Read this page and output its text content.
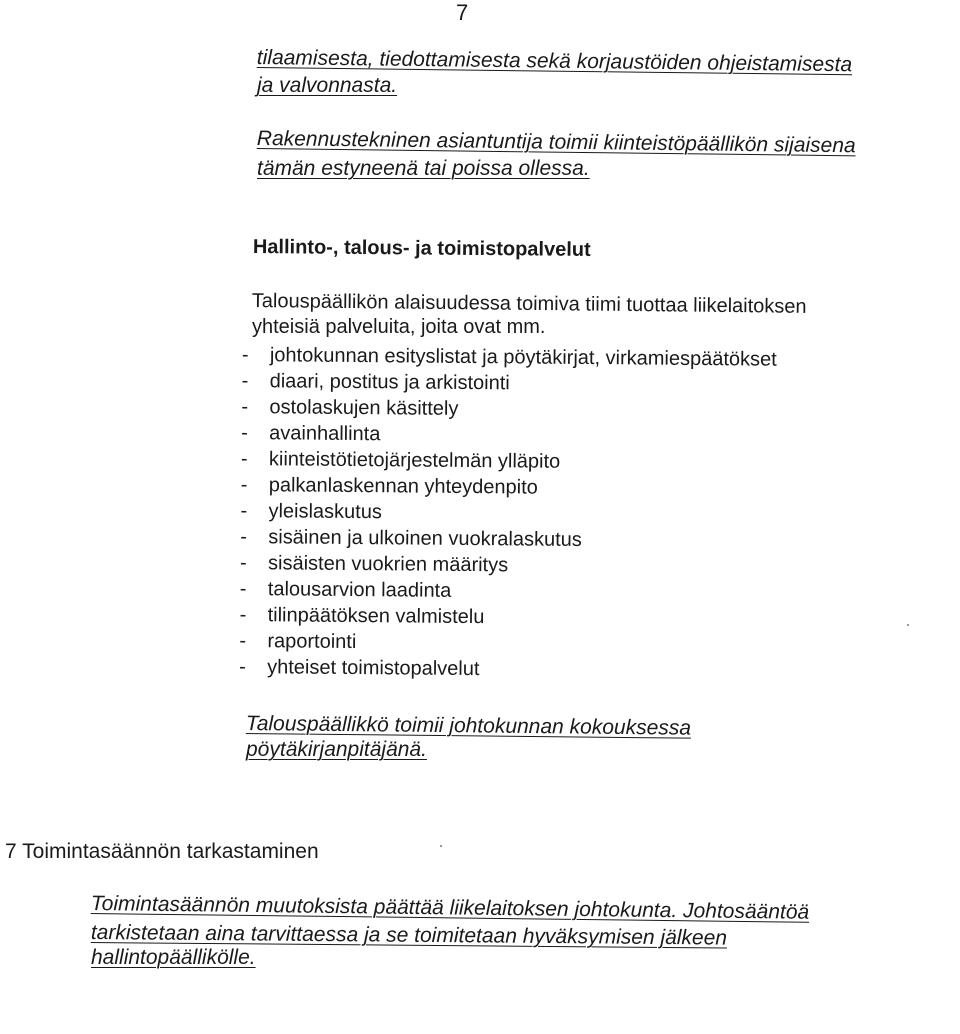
7
tilaamisesta, tiedottamisesta sekä korjaustöiden ohjeistamisesta
ja valvonnasta.
Rakennustekninen asiantuntija toimii kiinteistöpäällikön sijaisena
tämän estyneenä tai poissa ollessa.
Hallinto-, talous- ja toimistopalvelut
Talouspäällikön alaisuudessa toimiva tiimi tuottaa liikelaitoksen
yhteisiä palveluita, joita ovat mm.
- johtokunnan esityslistat ja pöytäkirjat, virkamiespäätökset
- diaari, postitus ja arkistointi
- ostolaskujen käsittely
- avainhallinta
- kiinteistötietojärjestelmän ylläpito
- palkanlaskennan yhteydenpito
- yleislaskutus
- sisäinen ja ulkoinen vuokralaskutus
- sisäisten vuokrien määritys
- talousarvion laadinta
- tilinpäätöksen valmistelu
- raportointi
- yhteiset toimistopalvelut
Talouspäällikkö toimii johtokunnan kokouksessa
pöytäkirjanpitäjänä.
7 Toimintasäännön tarkastaminen
Toimintasäännön muutoksista päättää liikelaitoksen johtokunta. Johtosääntöä
tarkistetaan aina tarvittaessa ja se toimitetaan hyväksymisen jälkeen
hallintopäällikölle.
